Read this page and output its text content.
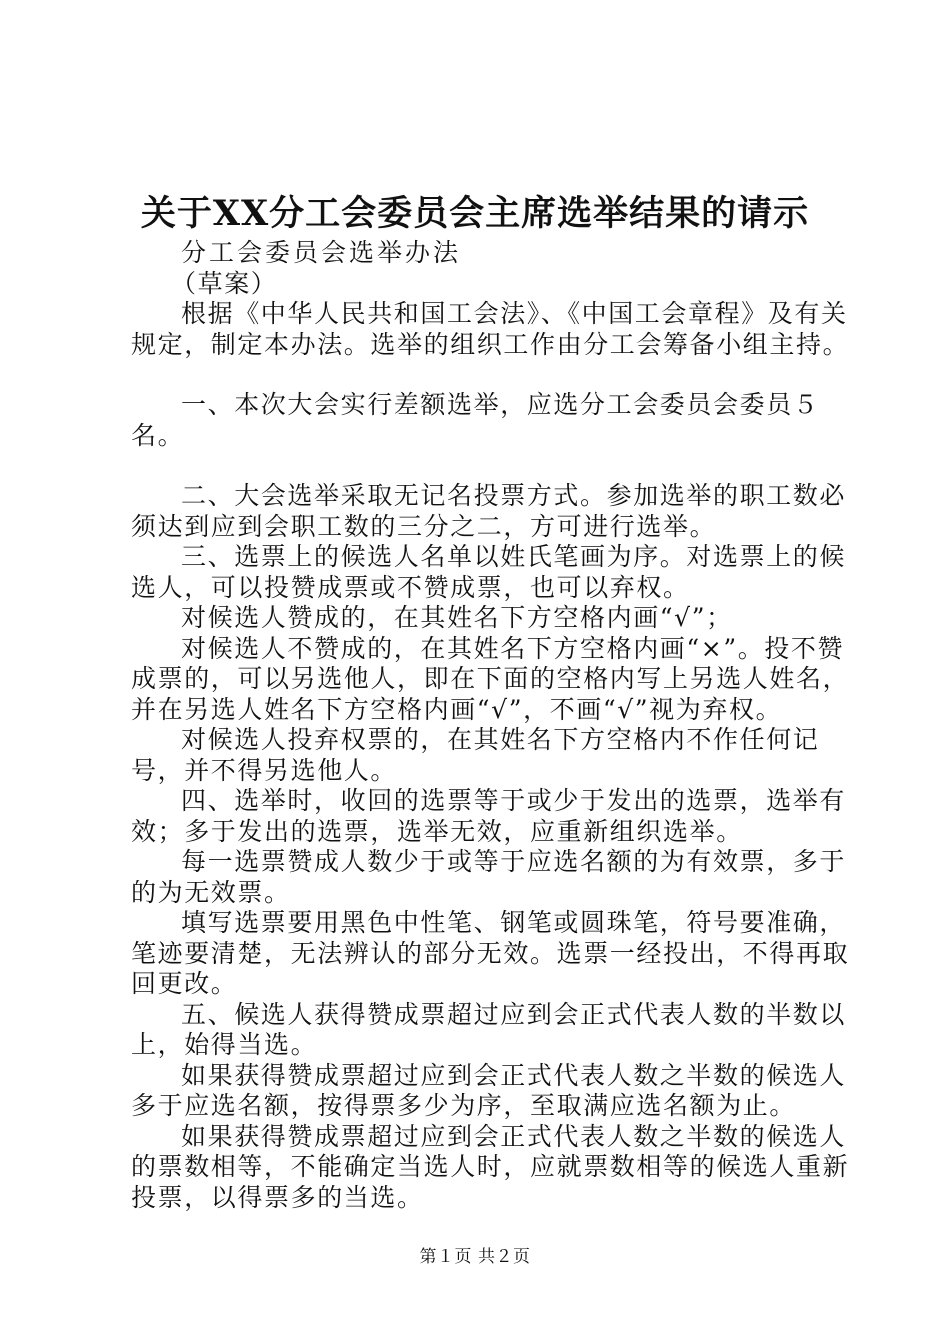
关于XX分工会委员会主席选举结果的请示

分工会委员会选举办法

（草案）

根据《中华人民共和国工会法》、《中国工会章程》及有关规定，制定本办法。选举的组织工作由分工会筹备小组主持。

一、本次大会实行差额选举，应选分工会委员会委员５名。

二、大会选举采取无记名投票方式。参加选举的职工数必须达到应到会职工数的三分之二，方可进行选举。

三、选票上的候选人名单以姓氏笔画为序。对选票上的候选人，可以投赞成票或不赞成票，也可以弃权。

对候选人赞成的，在其姓名下方空格内画“√”；

对候选人不赞成的，在其姓名下方空格内画“×”。投不赞成票的，可以另选他人，即在下面的空格内写上另选人姓名，并在另选人姓名下方空格内画“√”，不画“√”视为弃权。

对候选人投弃权票的，在其姓名下方空格内不作任何记号，并不得另选他人。

四、选举时，收回的选票等于或少于发出的选票，选举有效；多于发出的选票，选举无效，应重新组织选举。

每一选票赞成人数少于或等于应选名额的为有效票，多于的为无效票。

填写选票要用黑色中性笔、钢笔或圆珠笔，符号要准确，笔迹要清楚，无法辨认的部分无效。选票一经投出，不得再取回更改。

五、候选人获得赞成票超过应到会正式代表人数的半数以上，始得当选。

如果获得赞成票超过应到会正式代表人数之半数的候选人多于应选名额，按得票多少为序，至取满应选名额为止。

如果获得赞成票超过应到会正式代表人数之半数的候选人的票数相等，不能确定当选人时，应就票数相等的候选人重新投票，以得票多的当选。

第１页 共２页
